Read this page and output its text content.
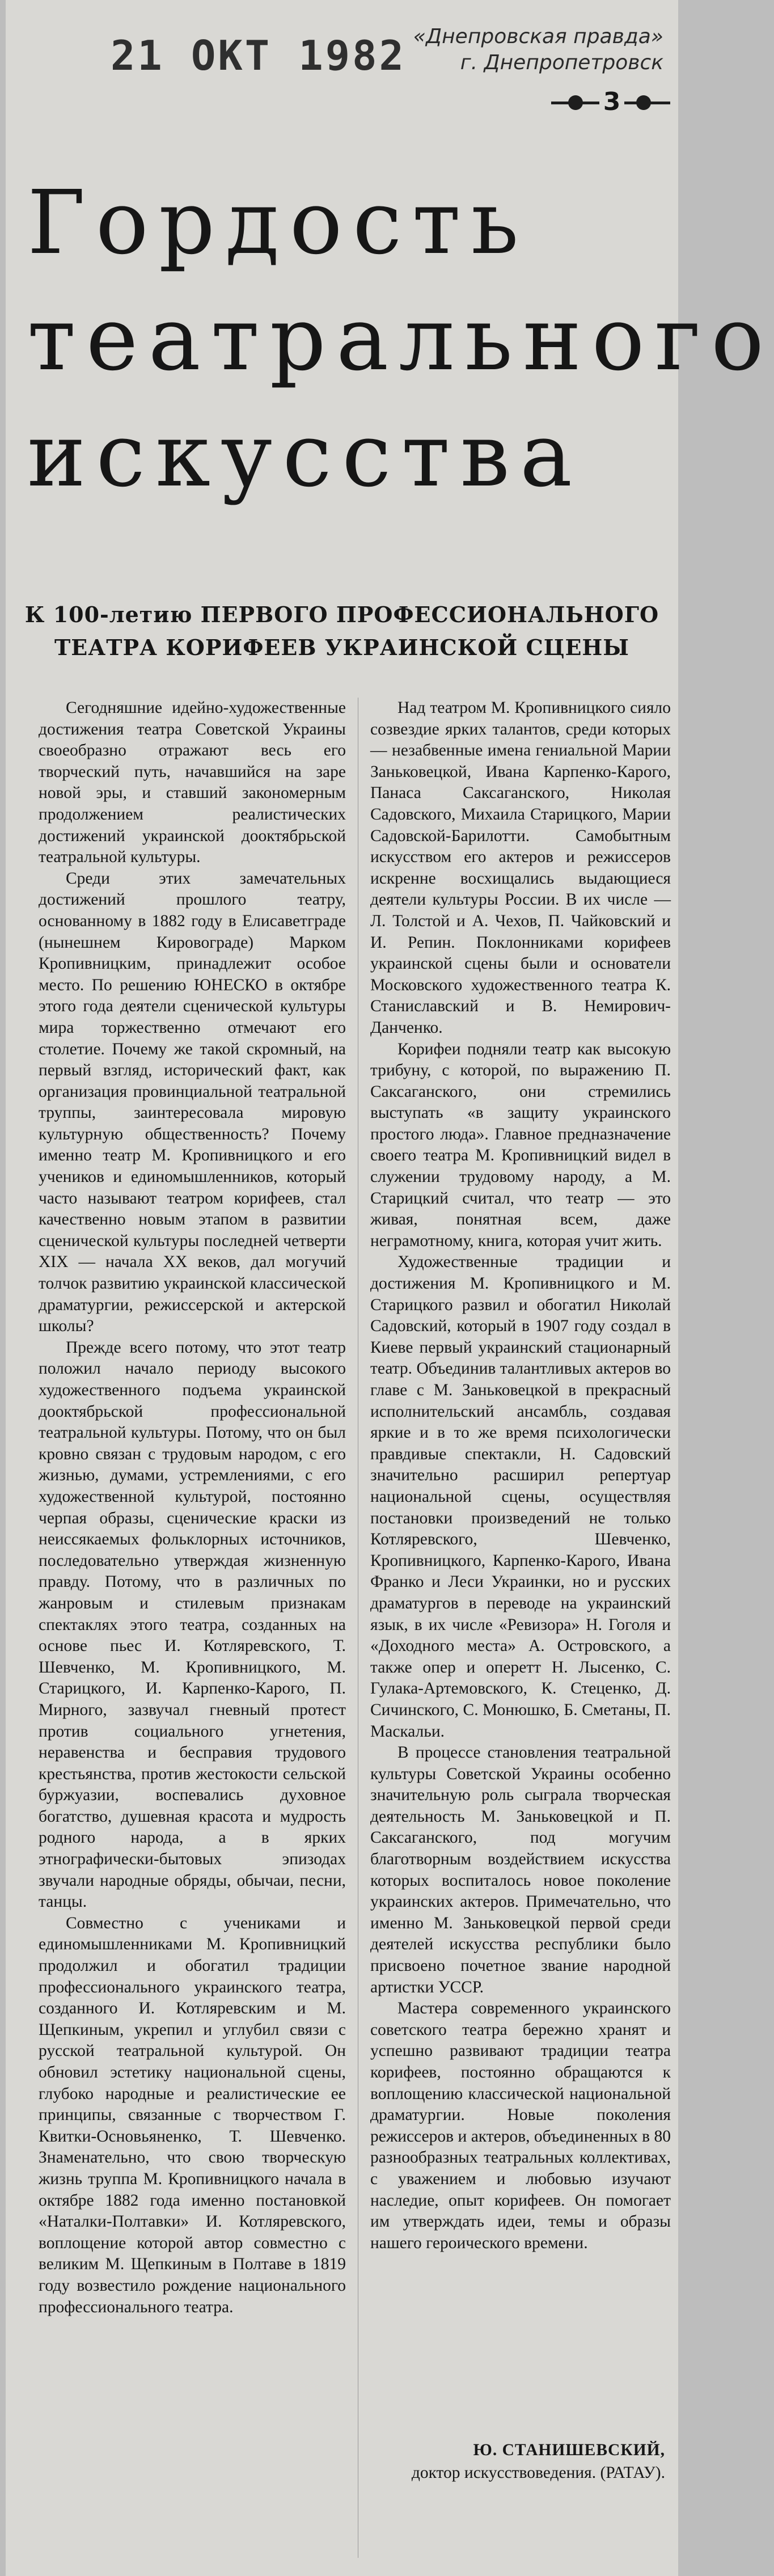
21 ОКТ 1982 «Днепровская правда»
г. Днепропетровск
3
Гордость
театрального
искусства
К 100-летию ПЕРВОГО ПРОФЕССИОНАЛЬНОГО
ТЕАТРА КОРИФЕЕВ УКРАИНСКОЙ СЦЕНЫ

Сегодняшние идейно-художественные достижения театра Советской Украины своеобразно отражают весь его творческий путь, начавшийся на заре новой эры, и ставший закономерным продолжением реалистических достижений украинской дооктябрьской театральной культуры.

Среди этих замечательных достижений прошлого театру, основанному в 1882 году в Елисаветграде (нынешнем Кировограде) Марком Кропивницким, принадлежит особое место. По решению ЮНЕСКО в октябре этого года деятели сценической культуры мира торжественно отмечают его столетие. Почему же такой скромный, на первый взгляд, исторический факт, как организация провинциальной театральной труппы, заинтересовала мировую культурную общественность? Почему именно театр М. Кропивницкого и его учеников и единомышленников, который часто называют театром корифеев, стал качественно новым этапом в развитии сценической культуры последней четверти XIX — начала XX веков, дал могучий толчок развитию украинской классической драматургии, режиссерской и актерской школы?

Прежде всего потому, что этот театр положил начало периоду высокого художественного подъема украинской дооктябрьской профессиональной театральной культуры. Потому, что он был кровно связан с трудовым народом, с его жизнью, думами, устремлениями, с его художественной культурой, постоянно черпая образы, сценические краски из неиссякаемых фольклорных источников, последовательно утверждая жизненную правду. Потому, что в различных по жанровым и стилевым признакам спектаклях этого театра, созданных на основе пьес И. Котляревского, Т. Шевченко, М. Кропивницкого, М. Старицкого, И. Карпенко-Карого, П. Мирного, зазвучал гневный протест против социального угнетения, неравенства и бесправия трудового крестьянства, против жестокости сельской буржуазии, воспевались духовное богатство, душевная красота и мудрость родного народа, а в ярких этнографически-бытовых эпизодах звучали народные обряды, обычаи, песни, танцы.

Совместно с учениками и единомышленниками М. Кропивницкий продолжил и обогатил традиции профессионального украинского театра, созданного И. Котляревским и М. Щепкиным, укрепил и углубил связи с русской театральной культурой. Он обновил эстетику национальной сцены, глубоко народные и реалистические ее принципы, связанные с творчеством Г. Квитки-Основьяненко, Т. Шевченко. Знаменательно, что свою творческую жизнь труппа М. Кропивницкого начала в октябре 1882 года именно постановкой «Наталки-Полтавки» И. Котляревского, воплощение которой автор совместно с великим М. Щепкиным в Полтаве в 1819 году возвестило рождение национального профессионального театра.

Над театром М. Кропивницкого сияло созвездие ярких талантов, среди которых — незабвенные имена гениальной Марии Заньковецкой, Ивана Карпенко-Карого, Панаса Саксаганского, Николая Садовского, Михаила Старицкого, Марии Садовской-Барилотти. Самобытным искусством его актеров и режиссеров искренне восхищались выдающиеся деятели культуры России. В их числе — Л. Толстой и А. Чехов, П. Чайковский и И. Репин. Поклонниками корифеев украинской сцены были и основатели Московского художественного театра К. Станиславский и В. Немирович-Данченко.

Корифеи подняли театр как высокую трибуну, с которой, по выражению П. Саксаганского, они стремились выступать «в защиту украинского простого люда». Главное предназначение своего театра М. Кропивницкий видел в служении трудовому народу, а М. Старицкий считал, что театр — это живая, понятная всем, даже неграмотному, книга, которая учит жить.

Художественные традиции и достижения М. Кропивницкого и М. Старицкого развил и обогатил Николай Садовский, который в 1907 году создал в Киеве первый украинский стационарный театр. Объединив талантливых актеров во главе с М. Заньковецкой в прекрасный исполнительский ансамбль, создавая яркие и в то же время психологически правдивые спектакли, Н. Садовский значительно расширил репертуар национальной сцены, осуществляя постановки произведений не только Котляревского, Шевченко, Кропивницкого, Карпенко-Карого, Ивана Франко и Леси Украинки, но и русских драматургов в переводе на украинский язык, в их числе «Ревизора» Н. Гоголя и «Доходного места» А. Островского, а также опер и оперетт Н. Лысенко, С. Гулака-Артемовского, К. Стеценко, Д. Сичинского, С. Монюшко, Б. Сметаны, П. Маскальи.

В процессе становления театральной культуры Советской Украины особенно значительную роль сыграла творческая деятельность М. Заньковецкой и П. Саксаганского, под могучим благотворным воздействием искусства которых воспиталось новое поколение украинских актеров. Примечательно, что именно М. Заньковецкой первой среди деятелей искусства республики было присвоено почетное звание народной артистки УССР.

Мастера современного украинского советского театра бережно хранят и успешно развивают традиции театра корифеев, постоянно обращаются к воплощению классической национальной драматургии. Новые поколения режиссеров и актеров, объединенных в 80 разнообразных театральных коллективах, с уважением и любовью изучают наследие, опыт корифеев. Он помогает им утверждать идеи, темы и образы нашего героического времени.

Ю. СТАНИШЕВСКИЙ,
доктор искусствоведения. (РАТАУ).
